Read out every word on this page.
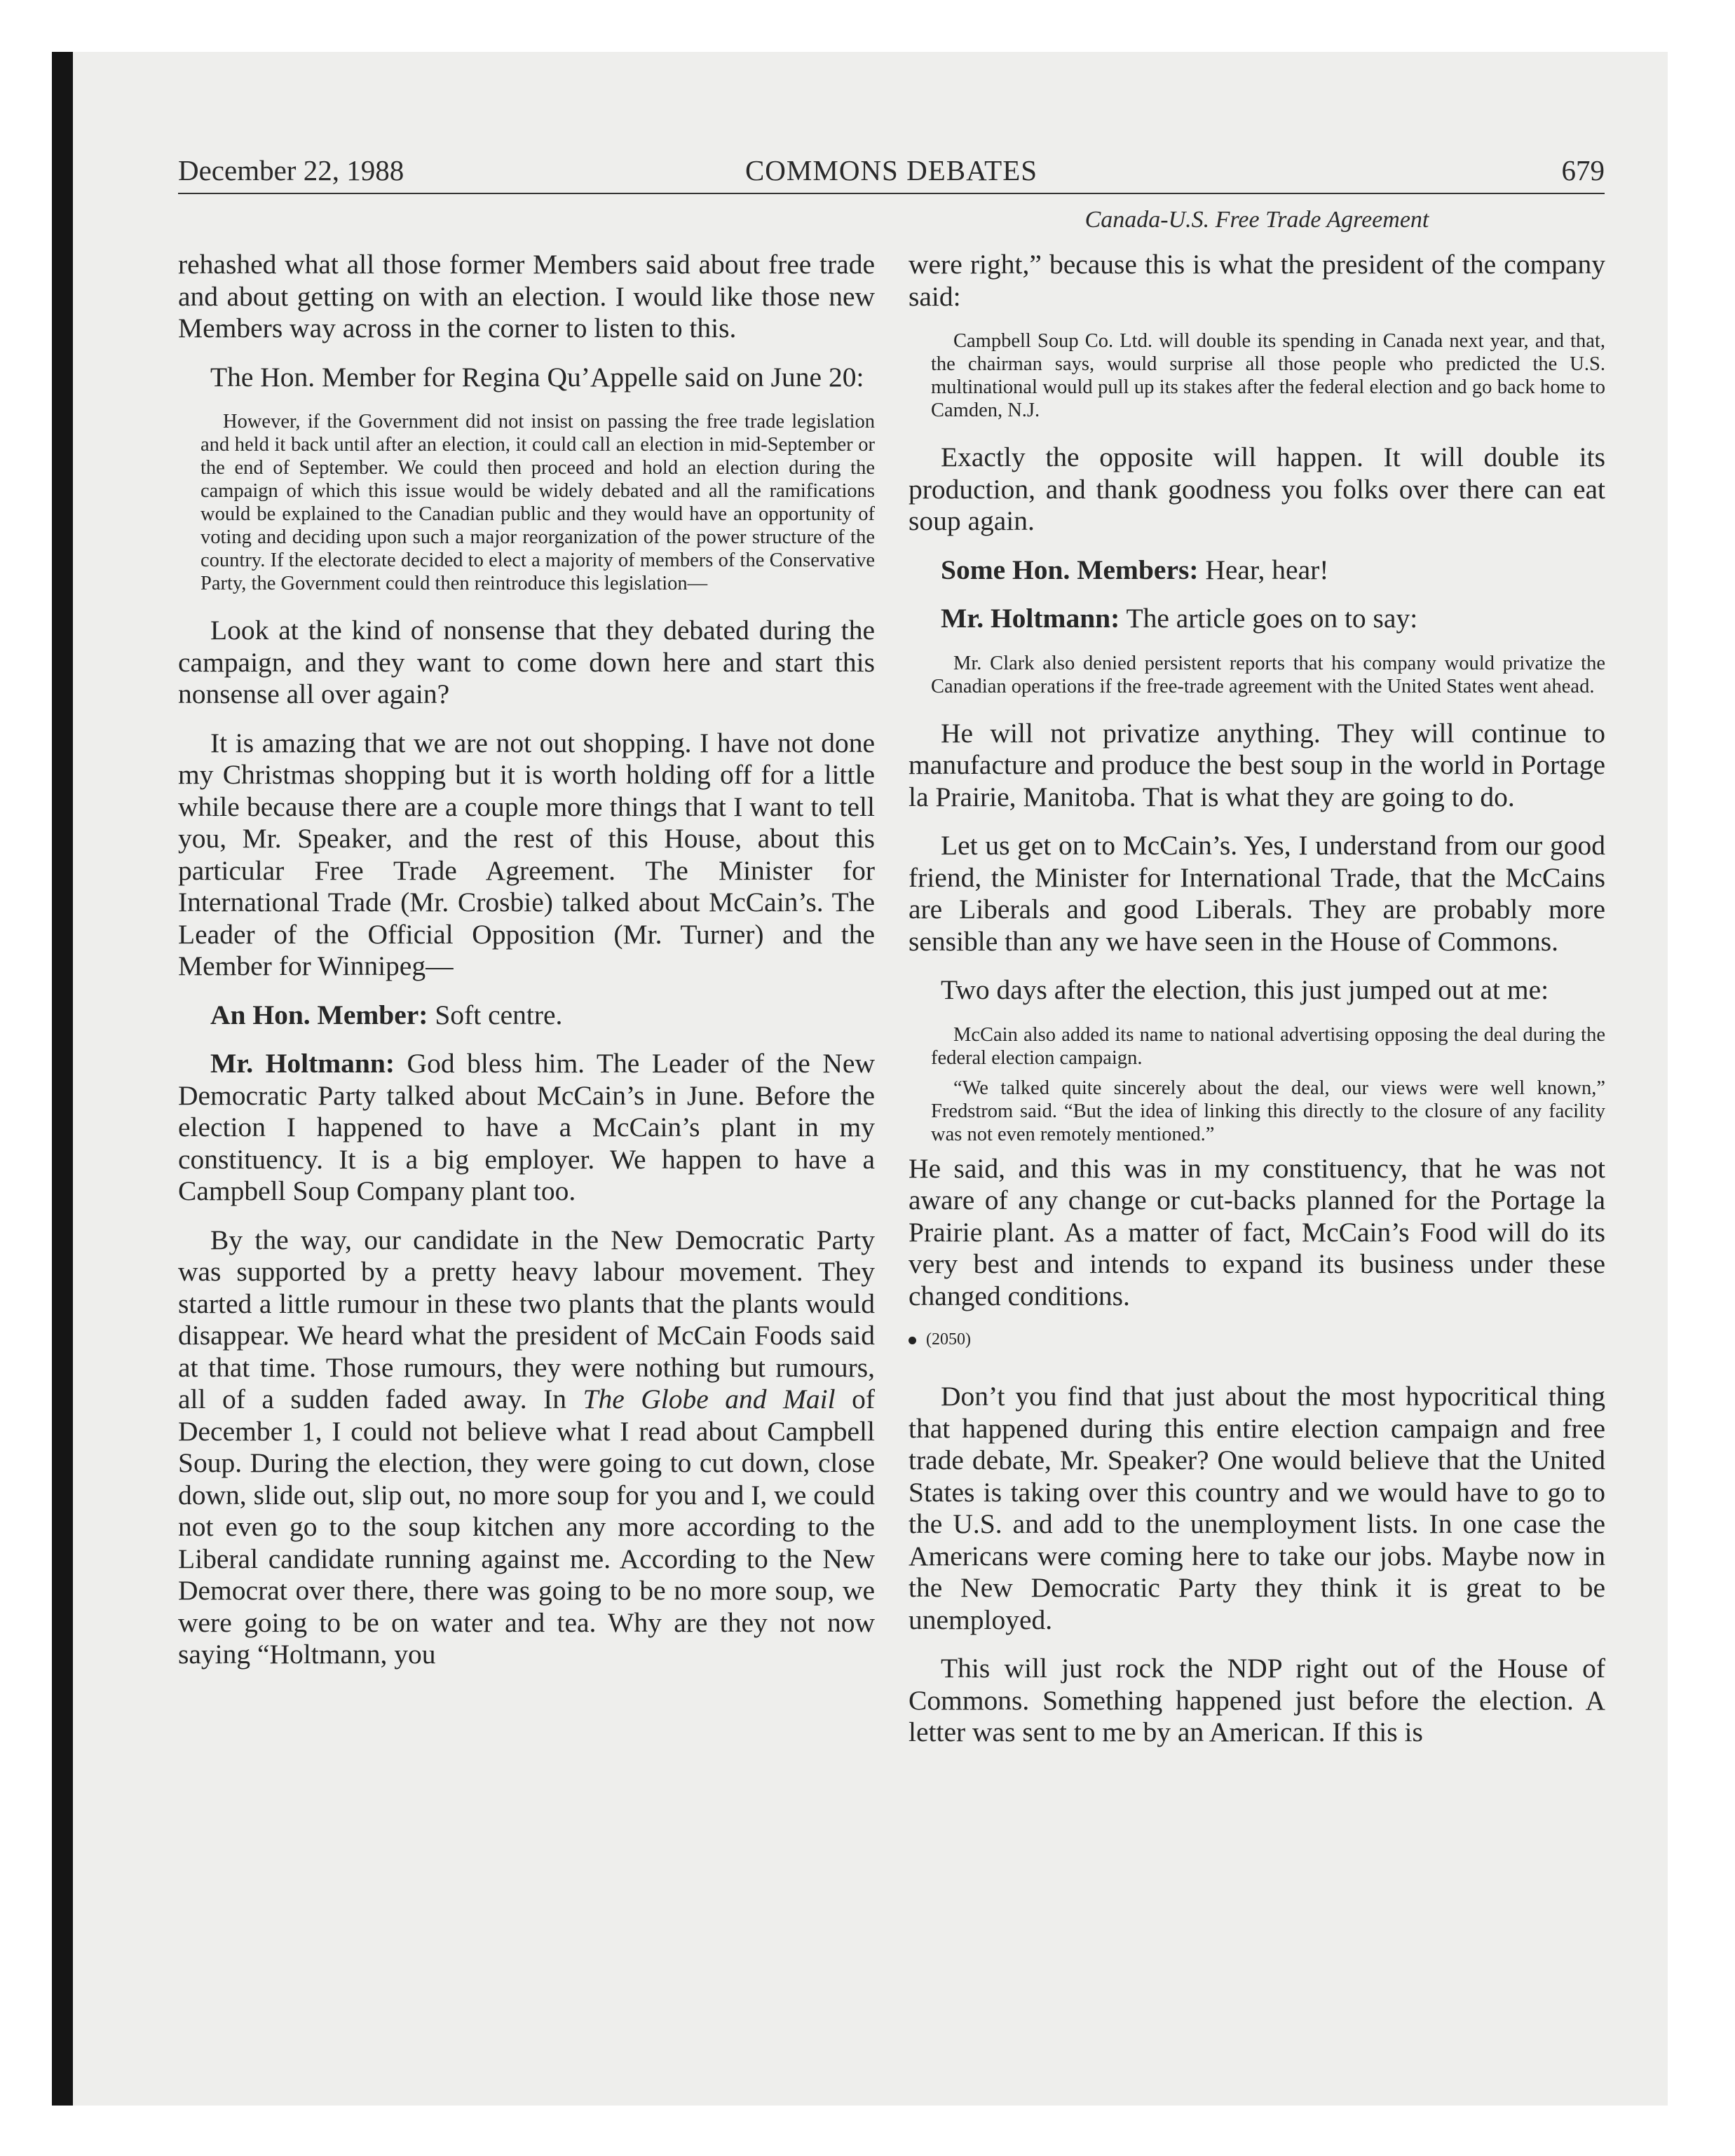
December 22, 1988	COMMONS DEBATES	679
Canada-U.S. Free Trade Agreement

rehashed what all those former Members said about free trade and about getting on with an election. I would like those new Members way across in the corner to listen to this.

The Hon. Member for Regina Qu’Appelle said on June 20:

However, if the Government did not insist on passing the free trade legislation and held it back until after an election, it could call an election in mid-September or the end of September. We could then proceed and hold an election during the campaign of which this issue would be widely debated and all the ramifications would be explained to the Canadian public and they would have an opportunity of voting and deciding upon such a major reorganization of the power structure of the country. If the electorate decided to elect a majority of members of the Conservative Party, the Government could then reintroduce this legislation—

Look at the kind of nonsense that they debated during the campaign, and they want to come down here and start this nonsense all over again?

It is amazing that we are not out shopping. I have not done my Christmas shopping but it is worth holding off for a little while because there are a couple more things that I want to tell you, Mr. Speaker, and the rest of this House, about this particular Free Trade Agreement. The Minister for International Trade (Mr. Crosbie) talked about McCain’s. The Leader of the Official Opposition (Mr. Turner) and the Member for Winnipeg—

An Hon. Member: Soft centre.

Mr. Holtmann: God bless him. The Leader of the New Democratic Party talked about McCain’s in June. Before the election I happened to have a McCain’s plant in my constituency. It is a big employer. We happen to have a Campbell Soup Company plant too.

By the way, our candidate in the New Democratic Party was supported by a pretty heavy labour movement. They started a little rumour in these two plants that the plants would disappear. We heard what the president of McCain Foods said at that time. Those rumours, they were nothing but rumours, all of a sudden faded away. In The Globe and Mail of December 1, I could not believe what I read about Campbell Soup. During the election, they were going to cut down, close down, slide out, slip out, no more soup for you and I, we could not even go to the soup kitchen any more according to the Liberal candidate running against me. According to the New Democrat over there, there was going to be no more soup, we were going to be on water and tea. Why are they not now saying “Holtmann, you

were right,” because this is what the president of the company said:

Campbell Soup Co. Ltd. will double its spending in Canada next year, and that, the chairman says, would surprise all those people who predicted the U.S. multinational would pull up its stakes after the federal election and go back home to Camden, N.J.

Exactly the opposite will happen. It will double its production, and thank goodness you folks over there can eat soup again.

Some Hon. Members: Hear, hear!

Mr. Holtmann: The article goes on to say:

Mr. Clark also denied persistent reports that his company would privatize the Canadian operations if the free-trade agreement with the United States went ahead.

He will not privatize anything. They will continue to manufacture and produce the best soup in the world in Portage la Prairie, Manitoba. That is what they are going to do.

Let us get on to McCain’s. Yes, I understand from our good friend, the Minister for International Trade, that the McCains are Liberals and good Liberals. They are probably more sensible than any we have seen in the House of Commons.

Two days after the election, this just jumped out at me:

McCain also added its name to national advertising opposing the deal during the federal election campaign.

“We talked quite sincerely about the deal, our views were well known,” Fredstrom said. “But the idea of linking this directly to the closure of any facility was not even remotely mentioned.”

He said, and this was in my constituency, that he was not aware of any change or cut-backs planned for the Portage la Prairie plant. As a matter of fact, McCain’s Food will do its very best and intends to expand its business under these changed conditions.

(2050)

Don’t you find that just about the most hypocritical thing that happened during this entire election campaign and free trade debate, Mr. Speaker? One would believe that the United States is taking over this country and we would have to go to the U.S. and add to the unemployment lists. In one case the Americans were coming here to take our jobs. Maybe now in the New Democratic Party they think it is great to be unemployed.

This will just rock the NDP right out of the House of Commons. Something happened just before the election. A letter was sent to me by an American. If this is
